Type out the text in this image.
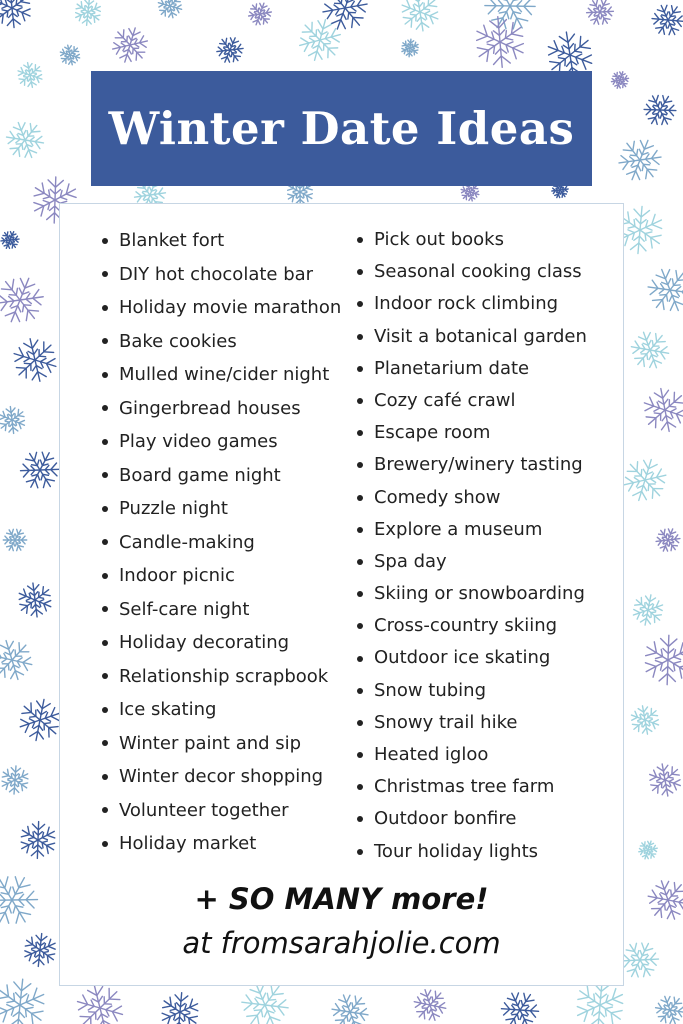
Winter Date Ideas
Blanket fort
DIY hot chocolate bar
Holiday movie marathon
Bake cookies
Mulled wine/cider night
Gingerbread houses
Play video games
Board game night
Puzzle night
Candle-making
Indoor picnic
Self-care night
Holiday decorating
Relationship scrapbook
Ice skating
Winter paint and sip
Winter decor shopping
Volunteer together
Holiday market
Pick out books
Seasonal cooking class
Indoor rock climbing
Visit a botanical garden
Planetarium date
Cozy café crawl
Escape room
Brewery/winery tasting
Comedy show
Explore a museum
Spa day
Skiing or snowboarding
Cross-country skiing
Outdoor ice skating
Snow tubing
Snowy trail hike
Heated igloo
Christmas tree farm
Outdoor bonfire
Tour holiday lights
+ SO MANY more!
at fromsarahjolie.com
